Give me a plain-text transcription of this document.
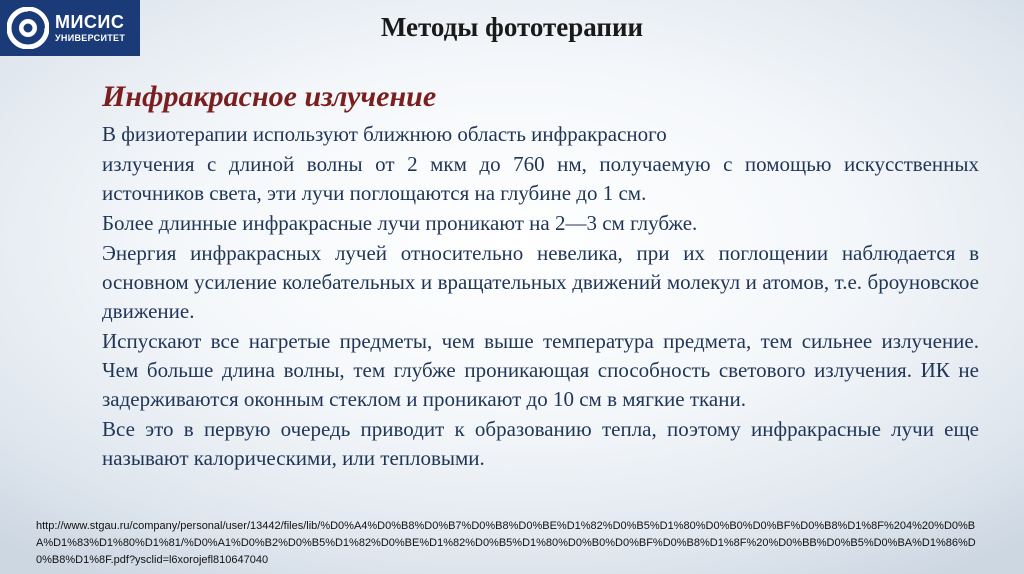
МИСИС
УНИВЕРСИТЕТ	Методы фототерапии
Инфракрасное излучение

В физиотерапии используют ближнюю область инфракрасного

излучения с длиной волны от 2 мкм до 760 нм, получаемую с помощью искусственных источников света, эти лучи поглощаются на глубине до 1 см.

Более длинные инфракрасные лучи проникают на 2—3 см глубже.

Энергия инфракрасных лучей относительно невелика, при их поглощении наблюдается в основном усиление колебательных и вращательных движений молекул и атомов, т.е. броуновское движение.

Испускают все нагретые предметы, чем выше температура предмета, тем сильнее излучение. Чем больше длина волны, тем глубже проникающая способность светового излучения. ИК не задерживаются оконным стеклом и проникают до 10 см в мягкие ткани.

Все это в первую очередь приводит к образованию тепла, поэтому инфракрасные лучи еще называют калорическими, или тепловыми.

http://www.stgau.ru/company/personal/user/13442/files/lib/%D0%A4%D0%B8%D0%B7%D0%B8%D0%BE%D1%82%D0%B5%D1%80%D0%B0%D0%BF%D0%B8%D1%8F%204%20%D0%BA%D1%83%D1%80%D1%81/%D0%A1%D0%B2%D0%B5%D1%82%D0%BE%D1%82%D0%B5%D1%80%D0%B0%D0%BF%D0%B8%D1%8F%20%D0%BB%D0%B5%D0%BA%D1%86%D0%B8%D1%8F.pdf?ysclid=l6xorojefl810647040
